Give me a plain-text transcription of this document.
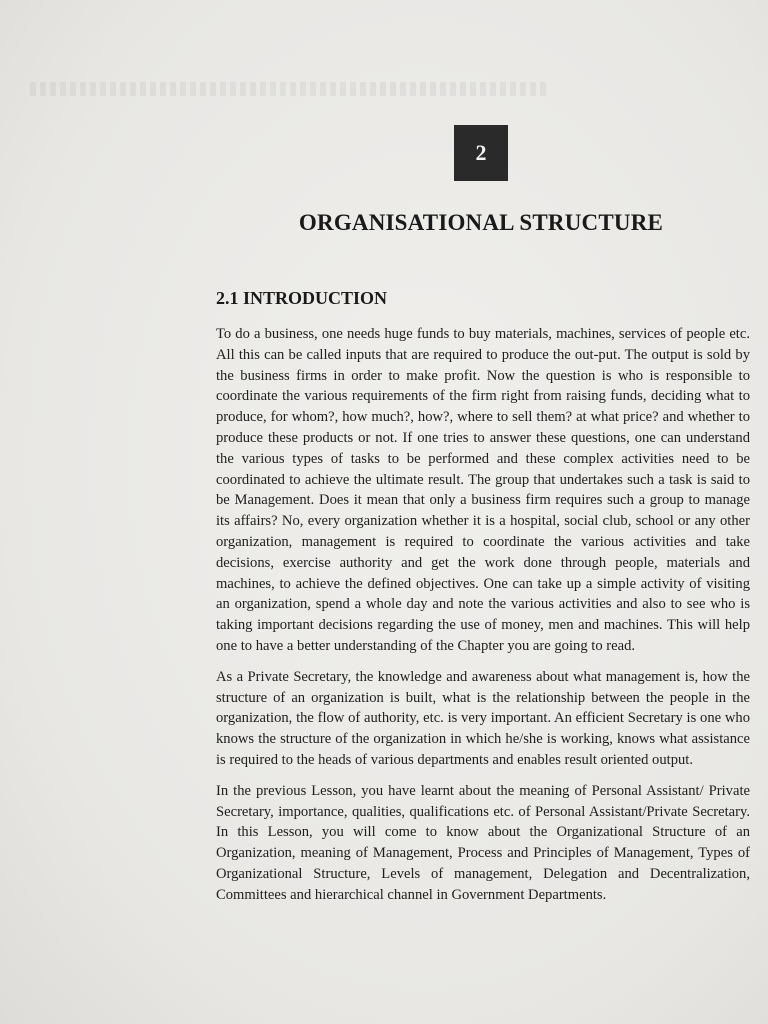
2
ORGANISATIONAL STRUCTURE
2.1 INTRODUCTION

To do a business, one needs huge funds to buy materials, machines, services of people etc. All this can be called inputs that are required to produce the out-put. The output is sold by the business firms in order to make profit. Now the question is who is responsible to coordinate the various requirements of the firm right from raising funds, deciding what to produce, for whom?, how much?, how?, where to sell them? at what price? and whether to produce these products or not. If one tries to answer these questions, one can understand the various types of tasks to be performed and these complex activities need to be coordinated to achieve the ultimate result. The group that undertakes such a task is said to be Management. Does it mean that only a business firm requires such a group to manage its affairs? No, every organization whether it is a hospital, social club, school or any other organization, management is required to coordinate the various activities and take decisions, exercise authority and get the work done through people, materials and machines, to achieve the defined objectives. One can take up a simple activity of visiting an organization, spend a whole day and note the various activities and also to see who is taking important decisions regarding the use of money, men and machines. This will help one to have a better understanding of the Chapter you are going to read.

As a Private Secretary, the knowledge and awareness about what management is, how the structure of an organization is built, what is the relationship between the people in the organization, the flow of authority, etc. is very important. An efficient Secretary is one who knows the structure of the organization in which he/she is working, knows what assistance is required to the heads of various departments and enables result oriented output.

In the previous Lesson, you have learnt about the meaning of Personal Assistant/ Private Secretary, importance, qualities, qualifications etc. of Personal Assistant/Private Secretary. In this Lesson, you will come to know about the Organizational Structure of an Organization, meaning of Management, Process and Principles of Management, Types of Organizational Structure, Levels of management, Delegation and Decentralization, Committees and hierarchical channel in Government Departments.
